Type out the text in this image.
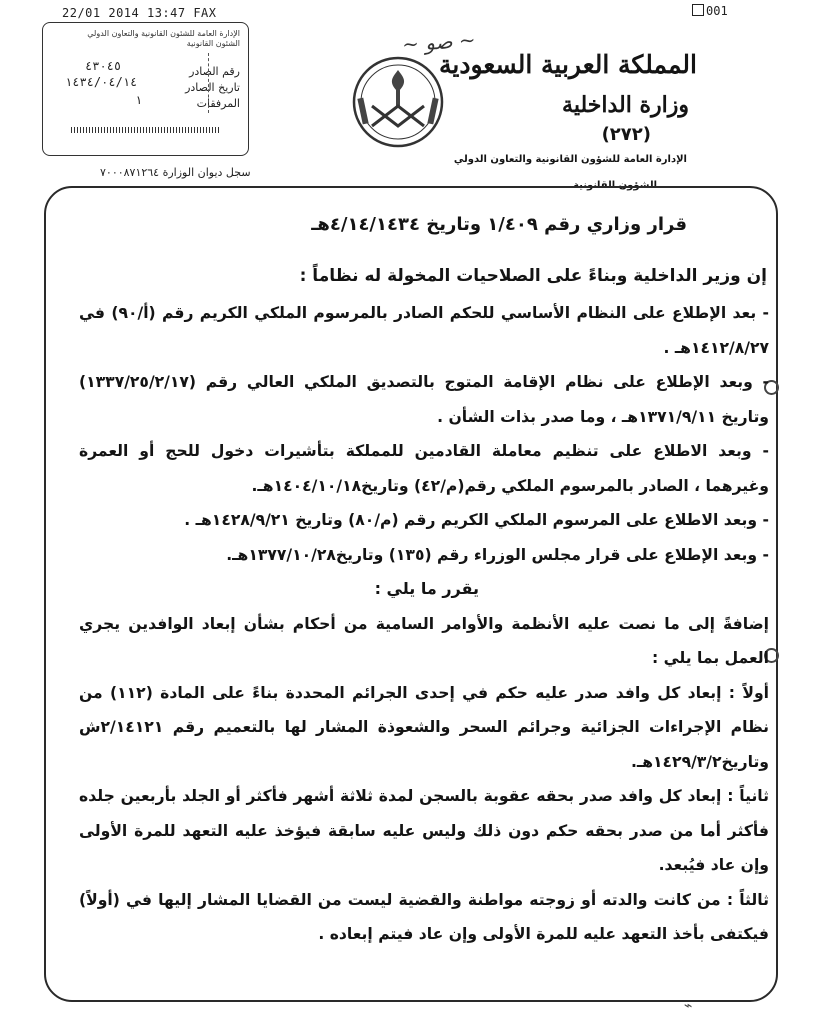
22/01 2014 13:47 FAX	001
الإدارة العامة للشئون القانونية والتعاون الدولي
الشئون القانونية
رقم الصادر
تاريخ الصادر
المرفقات
٤٣٠٤٥
١٤٣٤/٠٤/١٤
١
سجل ديوان الوزارة ٧٠٠٠٨٧١٢٦٤
~ صو ~
المملكة العربية السعودية
وزارة الداخلية
(٢٧٢)
الإدارة العامة للشؤون القانونية والتعاون الدولي
الشؤون القانونية
قرار وزاري رقم ١/٤٠٩ وتاريخ ٤/١٤/١٤٣٤هـ
إن وزير الداخلية وبناءً على الصلاحيات المخولة له نظاماً :

- بعد الإطلاع على النظام الأساسي للحكم الصادر بالمرسوم الملكي الكريم رقم (أ/٩٠) في ١٤١٢/٨/٢٧هـ .

- وبعد الإطلاع على نظام الإقامة المتوج بالتصديق الملكي العالي رقم (١٣٣٧/٢٥/٢/١٧) وتاريخ ١٣٧١/٩/١١هـ ، وما صدر بذات الشأن .

- وبعد الاطلاع على تنظيم معاملة القادمين للمملكة بتأشيرات دخول للحج أو العمرة وغيرهما ، الصادر بالمرسوم الملكي رقم(م/٤٢) وتاريخ١٤٠٤/١٠/١٨هـ.

- وبعد الاطلاع على المرسوم الملكي الكريم رقم (م/٨٠) وتاريخ ١٤٢٨/٩/٢١هـ .

- وبعد الإطلاع على قرار مجلس الوزراء رقم (١٣٥) وتاريخ١٣٧٧/١٠/٢٨هـ.

يقرر ما يلي :

إضافةً إلى ما نصت عليه الأنظمة والأوامر السامية من أحكام بشأن إبعاد الوافدين يجري العمل بما يلي :

أولاً : إبعاد كل وافد صدر عليه حكم في إحدى الجرائم المحددة بناءً على المادة (١١٢) من نظام الإجراءات الجزائية وجرائم السحر والشعوذة المشار لها بالتعميم رقم ٢/١٤١٢١ش وتاريخ١٤٢٩/٣/٢هـ.

ثانياً : إبعاد كل وافد صدر بحقه عقوبة بالسجن لمدة ثلاثة أشهر فأكثر أو الجلد بأربعين جلده فأكثر أما من صدر بحقه حكم دون ذلك وليس عليه سابقة فيؤخذ عليه التعهد للمرة الأولى وإن عاد فيُبعد.

ثالثاً : من كانت والدته أو زوجته مواطنة والقضية ليست من القضايا المشار إليها في (أولاً) فيكتفى بأخذ التعهد عليه للمرة الأولى وإن عاد فيتم إبعاده .

⌁
